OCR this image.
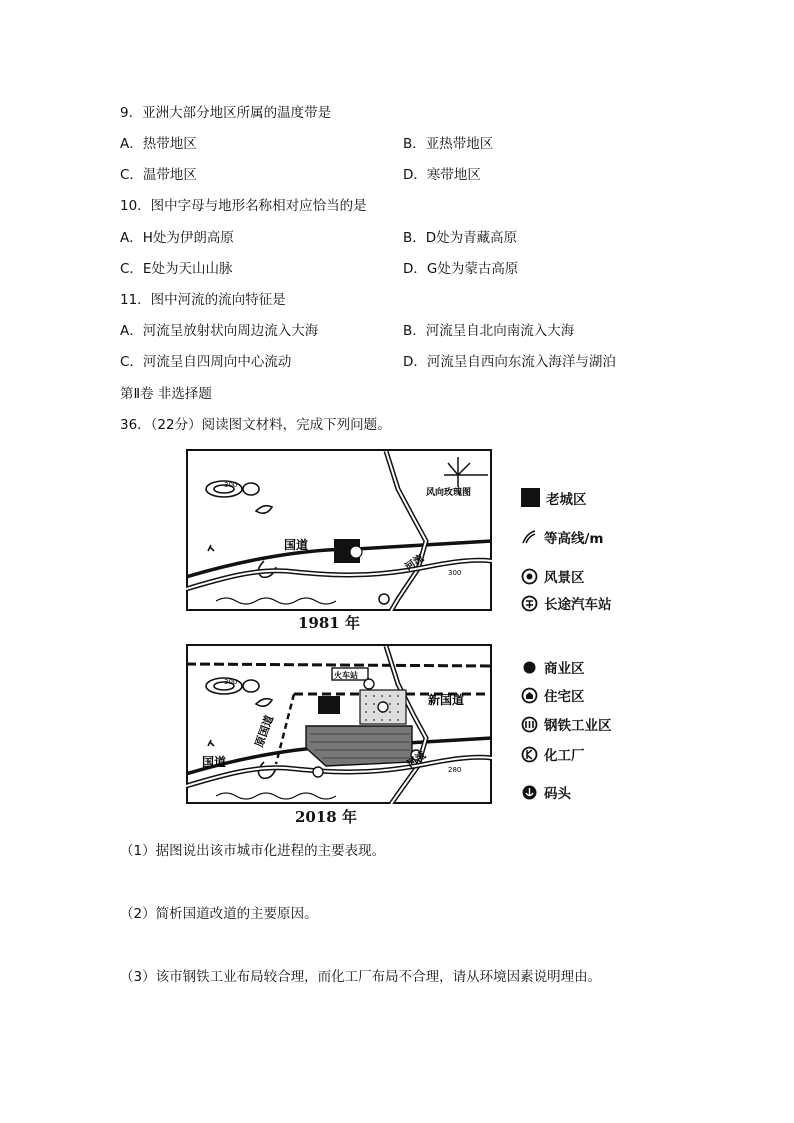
9．亚洲大部分地区所属的温度带是
A．热带地区	B．亚热带地区
C．温带地区	D．寒带地区
10．图中字母与地形名称相对应恰当的是
A．H处为伊朗高原	B．D处为青藏高原
C．E处为天山山脉	D．G处为蒙古高原
11．图中河流的流向特征是
A．河流呈放射状向周边流入大海	B．河流呈自北向南流入大海
C．河流呈自四周向中心流动	D．河流呈自西向东流入海洋与湖泊
第Ⅱ卷 非选择题
36．（22分）阅读图文材料，完成下列问题。
风向玫瑰图
国道
河流
300
300
1981 年
老城区
等高线/m
风景区
长途汽车站
火车站
新国道
原国道
国道	河流
300
280
2018 年
商业区
住宅区
钢铁工业区
化工厂
码头
（1）据图说出该市城市化进程的主要表现。
（2）简析国道改道的主要原因。
（3）该市钢铁工业布局较合理，而化工厂布局不合理，请从环境因素说明理由。
